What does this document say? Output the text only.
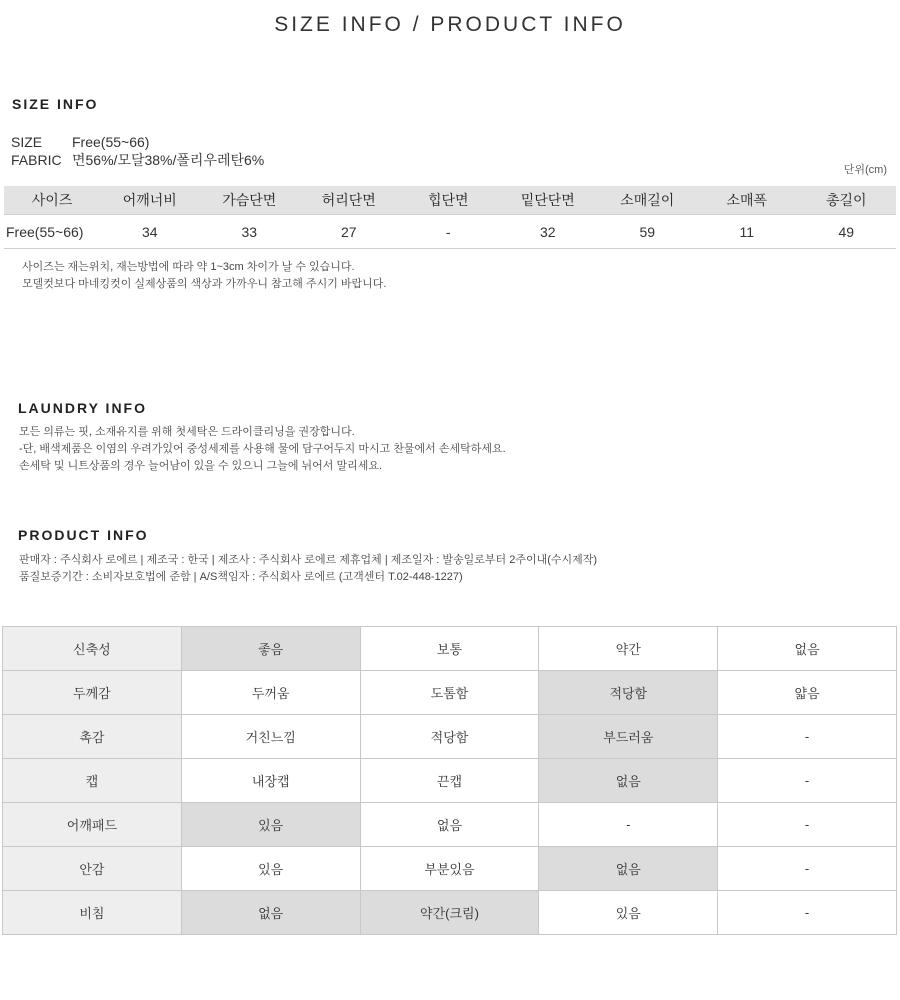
SIZE INFO / PRODUCT INFO
SIZE INFO
SIZE Free(55~66)
FABRIC 면56%/모달38%/폴리우레탄6%
단위(cm)
사이즈	어깨너비	가슴단면	허리단면	힙단면	밑단단면	소매길이	소매폭	총길이
Free(55~66)	34	33	27	-	32	59	11	49
사이즈는 재는위치, 재는방법에 따라 약 1~3cm 차이가 날 수 있습니다.
모델컷보다 마네킹컷이 실제상품의 색상과 가까우니 참고해 주시기 바랍니다.
LAUNDRY INFO
모든 의류는 핏, 소재유지를 위해 첫세탁은 드라이클리닝을 권장합니다.
-단, 배색제품은 이염의 우려가있어 중성세제를 사용해 물에 담구어두지 마시고 찬물에서 손세탁하세요.
손세탁 및 니트상품의 경우 늘어남이 있을 수 있으니 그늘에 뉘어서 말리세요.
PRODUCT INFO
판매자 : 주식회사 로에르 | 제조국 : 한국 | 제조사 : 주식회사 로에르 제휴업체 | 제조일자 : 발송일로부터 2주이내(수시제작)
품질보증기간 : 소비자보호법에 준함 | A/S책임자 : 주식회사 로에르 (고객센터 T.02-448-1227)
신축성	좋음	보통	약간	없음
두께감	두꺼움	도톰함	적당함	얇음
촉감	거친느낌	적당함	부드러움	-
캡	내장캡	끈캡	없음	-
어깨패드	있음	없음	-	-
안감	있음	부분있음	없음	-
비침	없음	약간(크림)	있음	-
